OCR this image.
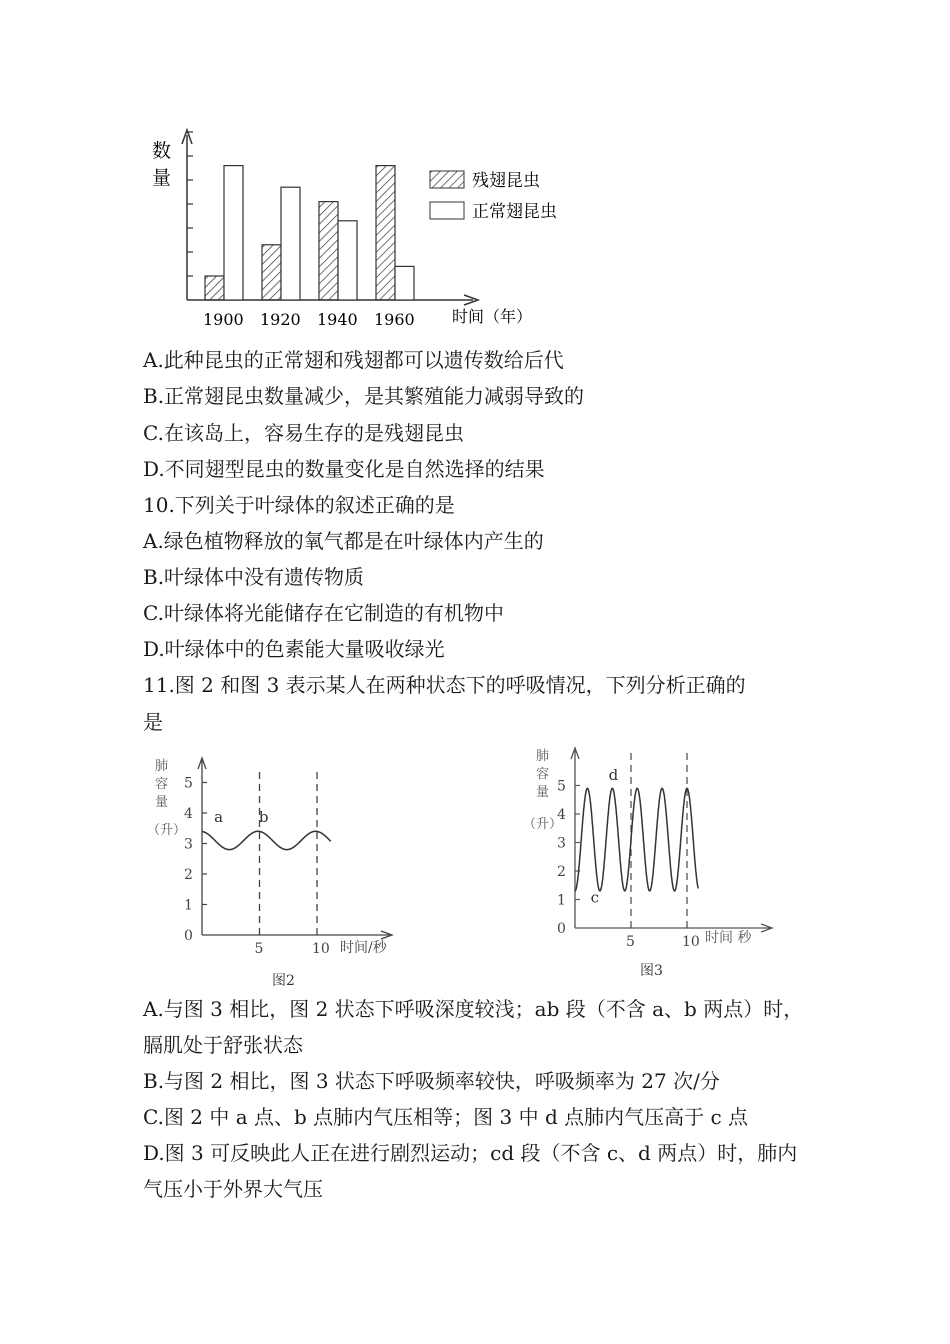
数
量
1900 1920 1940 1960 时间（年）
残翅昆虫
正常翅昆虫
A.此种昆虫的正常翅和残翅都可以遗传数给后代
B.正常翅昆虫数量减少，是其繁殖能力减弱导致的
C.在该岛上，容易生存的是残翅昆虫
D.不同翅型昆虫的数量变化是自然选择的结果
10.下列关于叶绿体的叙述正确的是
A.绿色植物释放的氧气都是在叶绿体内产生的
B.叶绿体中没有遗传物质
C.叶绿体将光能储存在它制造的有机物中
D.叶绿体中的色素能大量吸收绿光
11.图 2 和图 3 表示某人在两种状态下的呼吸情况，下列分析正确的
是
肺
容
量
（升）
0
1
2
3
4
5
5	10
a b
时间/秒
图2
肺
容
量
（升）
0
1
2
3
4
5
5	10
c
d
时间 秒
图3
A.与图 3 相比，图 2 状态下呼吸深度较浅；ab 段（不含 a、b 两点）时，
膈肌处于舒张状态
B.与图 2 相比，图 3 状态下呼吸频率较快，呼吸频率为 27 次/分
C.图 2 中 a 点、b 点肺内气压相等；图 3 中 d 点肺内气压高于 c 点
D.图 3 可反映此人正在进行剧烈运动；cd 段（不含 c、d 两点）时，肺内
气压小于外界大气压
